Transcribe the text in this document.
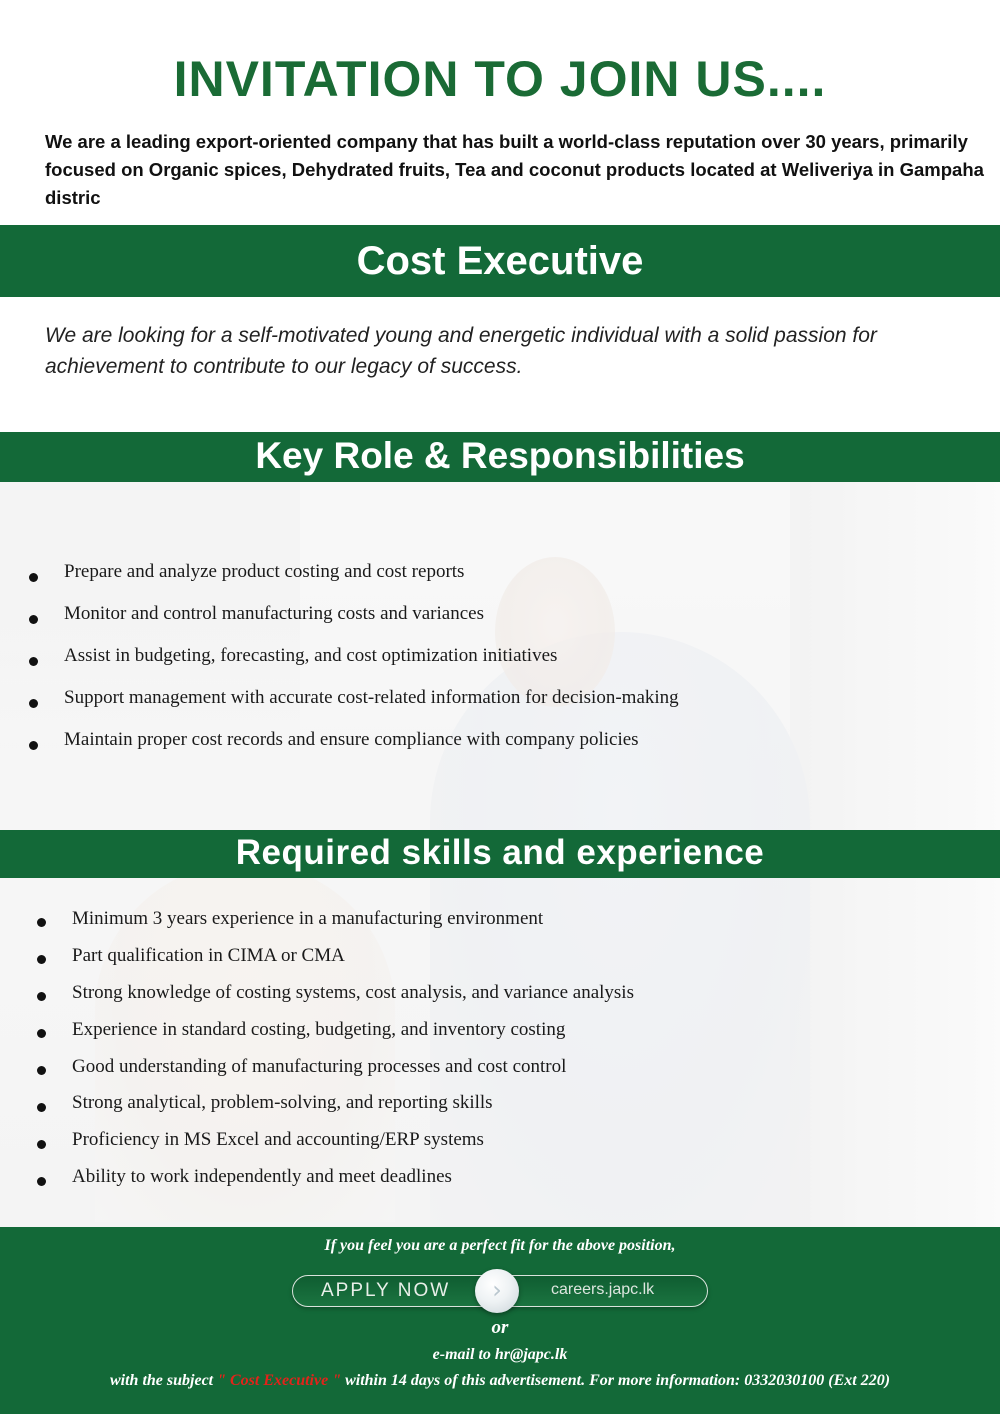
INVITATION TO JOIN US....

We are a leading export-oriented company that has built a world-class reputation over 30 years, primarily focused on Organic spices, Dehydrated fruits, Tea and coconut products located at Weliveriya in Gampaha distric

Cost Executive

We are looking for a self-motivated young and energetic individual with a solid passion for achievement to contribute to our legacy of success.

Key Role & Responsibilities
Prepare and analyze product costing and cost reports
Monitor and control manufacturing costs and variances
Assist in budgeting, forecasting, and cost optimization initiatives
Support management with accurate cost-related information for decision-making
Maintain proper cost records and ensure compliance with company policies
Required skills and experience
Minimum 3 years experience in a manufacturing environment
Part qualification in CIMA or CMA
Strong knowledge of costing systems, cost analysis, and variance analysis
Experience in standard costing, budgeting, and inventory costing
Good understanding of manufacturing processes and cost control
Strong analytical, problem-solving, and reporting skills
Proficiency in MS Excel and accounting/ERP systems
Ability to work independently and meet deadlines
If you feel you are a perfect fit for the above position,
APPLY NOW	›	careers.japc.lk
or
e-mail to hr@japc.lk
with the subject " Cost Executive " within 14 days of this advertisement. For more information: 0332030100 (Ext 220)
